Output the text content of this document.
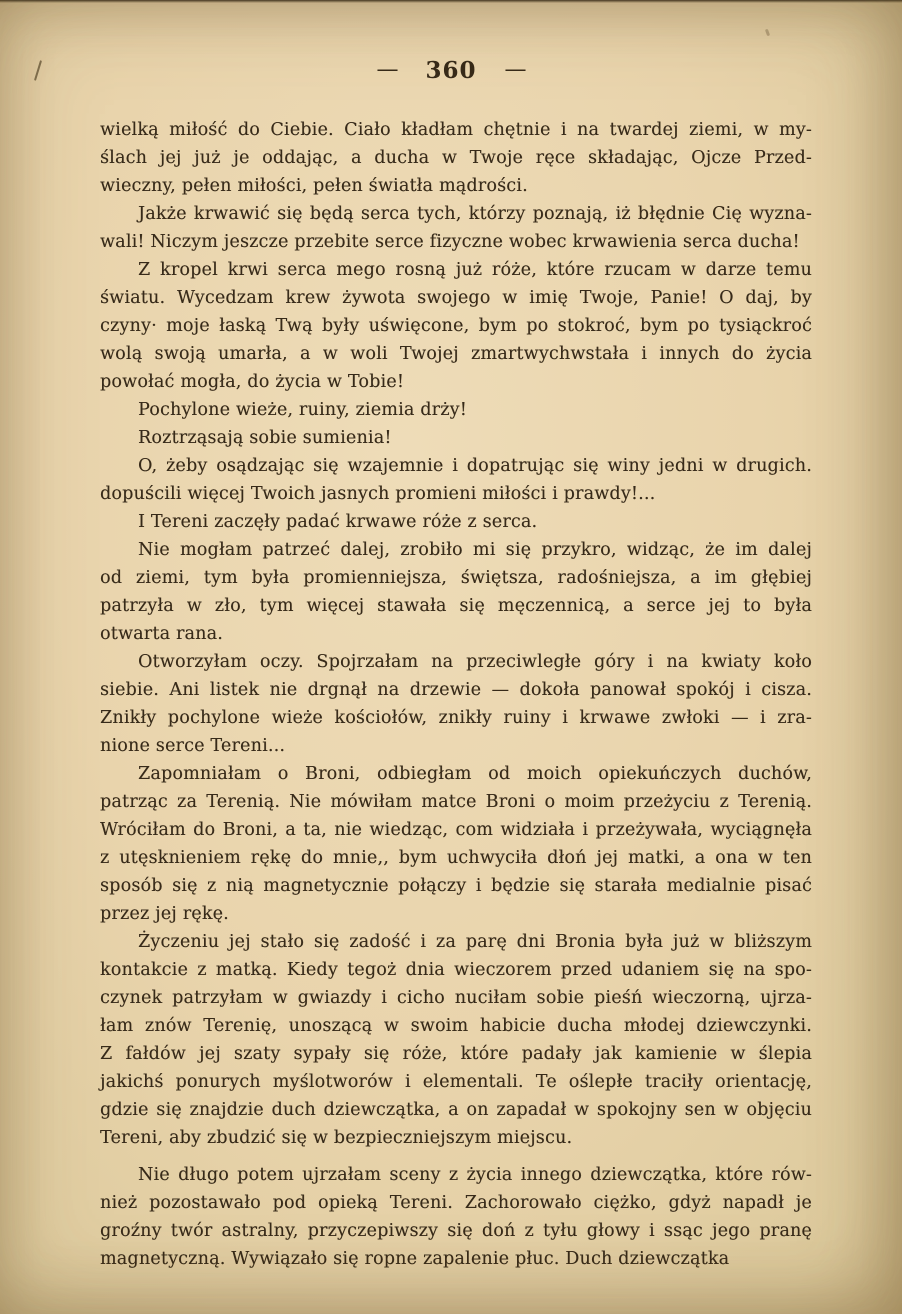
— 360 —
wielką miłość do Ciebie. Ciało kładłam chętnie i na twardej ziemi, w my-
ślach jej już je oddając, a ducha w Twoje ręce składając, Ojcze Przed-
wieczny, pełen miłości, pełen światła mądrości.
Jakże krwawić się będą serca tych, którzy poznają, iż błędnie Cię wyzna-
wali! Niczym jeszcze przebite serce fizyczne wobec krwawienia serca ducha!
Z kropel krwi serca mego rosną już róże, które rzucam w darze temu
światu. Wycedzam krew żywota swojego w imię Twoje, Panie! O daj, by
czyny· moje łaską Twą były uświęcone, bym po stokroć, bym po tysiąckroć
wolą swoją umarła, a w woli Twojej zmartwychwstała i innych do życia
powołać mogła, do życia w Tobie!
Pochylone wieże, ruiny, ziemia drży!
Roztrząsają sobie sumienia!
O, żeby osądzając się wzajemnie i dopatrując się winy jedni w drugich.
dopuścili więcej Twoich jasnych promieni miłości i prawdy!...
I Tereni zaczęły padać krwawe róże z serca.
Nie mogłam patrzeć dalej, zrobiło mi się przykro, widząc, że im dalej
od ziemi, tym była promienniejsza, świętsza, radośniejsza, a im głębiej
patrzyła w zło, tym więcej stawała się męczennicą, a serce jej to była
otwarta rana.
Otworzyłam oczy. Spojrzałam na przeciwległe góry i na kwiaty koło
siebie. Ani listek nie drgnął na drzewie — dokoła panował spokój i cisza.
Znikły pochylone wieże kościołów, znikły ruiny i krwawe zwłoki — i zra-
nione serce Tereni...
Zapomniałam o Broni, odbiegłam od moich opiekuńczych duchów,
patrząc za Terenią. Nie mówiłam matce Broni o moim przeżyciu z Terenią.
Wróciłam do Broni, a ta, nie wiedząc, com widziała i przeżywała, wyciągnęła
z utęsknieniem rękę do mnie,, bym uchwyciła dłoń jej matki, a ona w ten
sposób się z nią magnetycznie połączy i będzie się starała medialnie pisać
przez jej rękę.
Życzeniu jej stało się zadość i za parę dni Bronia była już w bliższym
kontakcie z matką. Kiedy tegoż dnia wieczorem przed udaniem się na spo-
czynek patrzyłam w gwiazdy i cicho nuciłam sobie pieśń wieczorną, ujrza-
łam znów Terenię, unoszącą w swoim habicie ducha młodej dziewczynki.
Z fałdów jej szaty sypały się róże, które padały jak kamienie w ślepia
jakichś ponurych myślotworów i elementali. Te oślepłe traciły orientację,
gdzie się znajdzie duch dziewczątka, a on zapadał w spokojny sen w objęciu
Tereni, aby zbudzić się w bezpieczniejszym miejscu.
Nie długo potem ujrzałam sceny z życia innego dziewczątka, które rów-
nież pozostawało pod opieką Tereni. Zachorowało ciężko, gdyż napadł je
groźny twór astralny, przyczepiwszy się doń z tyłu głowy i ssąc jego pranę
magnetyczną. Wywiązało się ropne zapalenie płuc. Duch dziewczątka
